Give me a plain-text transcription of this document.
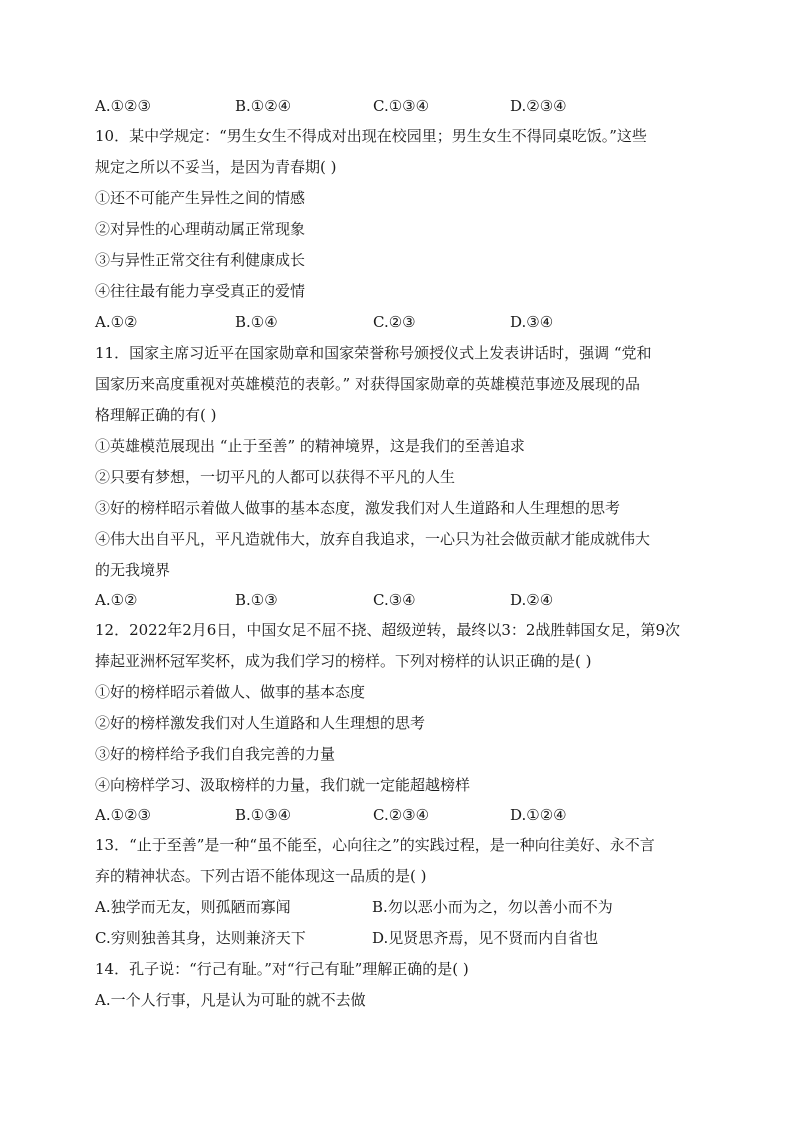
A.①②③	B.①②④	C.①③④	D.②③④
10．某中学规定：“男生女生不得成对出现在校园里；男生女生不得同桌吃饭。”这些
规定之所以不妥当，是因为青春期( )
①还不可能产生异性之间的情感
②对异性的心理萌动属正常现象
③与异性正常交往有利健康成长
④往往最有能力享受真正的爱情
A.①②	B.①④	C.②③	D.③④
11．国家主席习近平在国家勋章和国家荣誉称号颁授仪式上发表讲话时，强调 “党和
国家历来高度重视对英雄模范的表彰。” 对获得国家勋章的英雄模范事迹及展现的品
格理解正确的有( )
①英雄模范展现出 “止于至善” 的精神境界，这是我们的至善追求
②只要有梦想，一切平凡的人都可以获得不平凡的人生
③好的榜样昭示着做人做事的基本态度，激发我们对人生道路和人生理想的思考
④伟大出自平凡，平凡造就伟大，放弃自我追求，一心只为社会做贡献才能成就伟大
的无我境界
A.①②	B.①③	C.③④	D.②④
12．2022年2月6日，中国女足不屈不挠、超级逆转，最终以3：2战胜韩国女足，第9次
捧起亚洲杯冠军奖杯，成为我们学习的榜样。下列对榜样的认识正确的是( )
①好的榜样昭示着做人、做事的基本态度
②好的榜样激发我们对人生道路和人生理想的思考
③好的榜样给予我们自我完善的力量
④向榜样学习、汲取榜样的力量，我们就一定能超越榜样
A.①②③	B.①③④	C.②③④	D.①②④
13．“止于至善”是一种“虽不能至，心向往之”的实践过程，是一种向往美好、永不言
弃的精神状态。下列古语不能体现这一品质的是( )
A.独学而无友，则孤陋而寡闻	B.勿以恶小而为之，勿以善小而不为
C.穷则独善其身，达则兼济天下	D.见贤思齐焉，见不贤而内自省也
14．孔子说：“行己有耻。”对“行己有耻”理解正确的是( )
A.一个人行事，凡是认为可耻的就不去做
